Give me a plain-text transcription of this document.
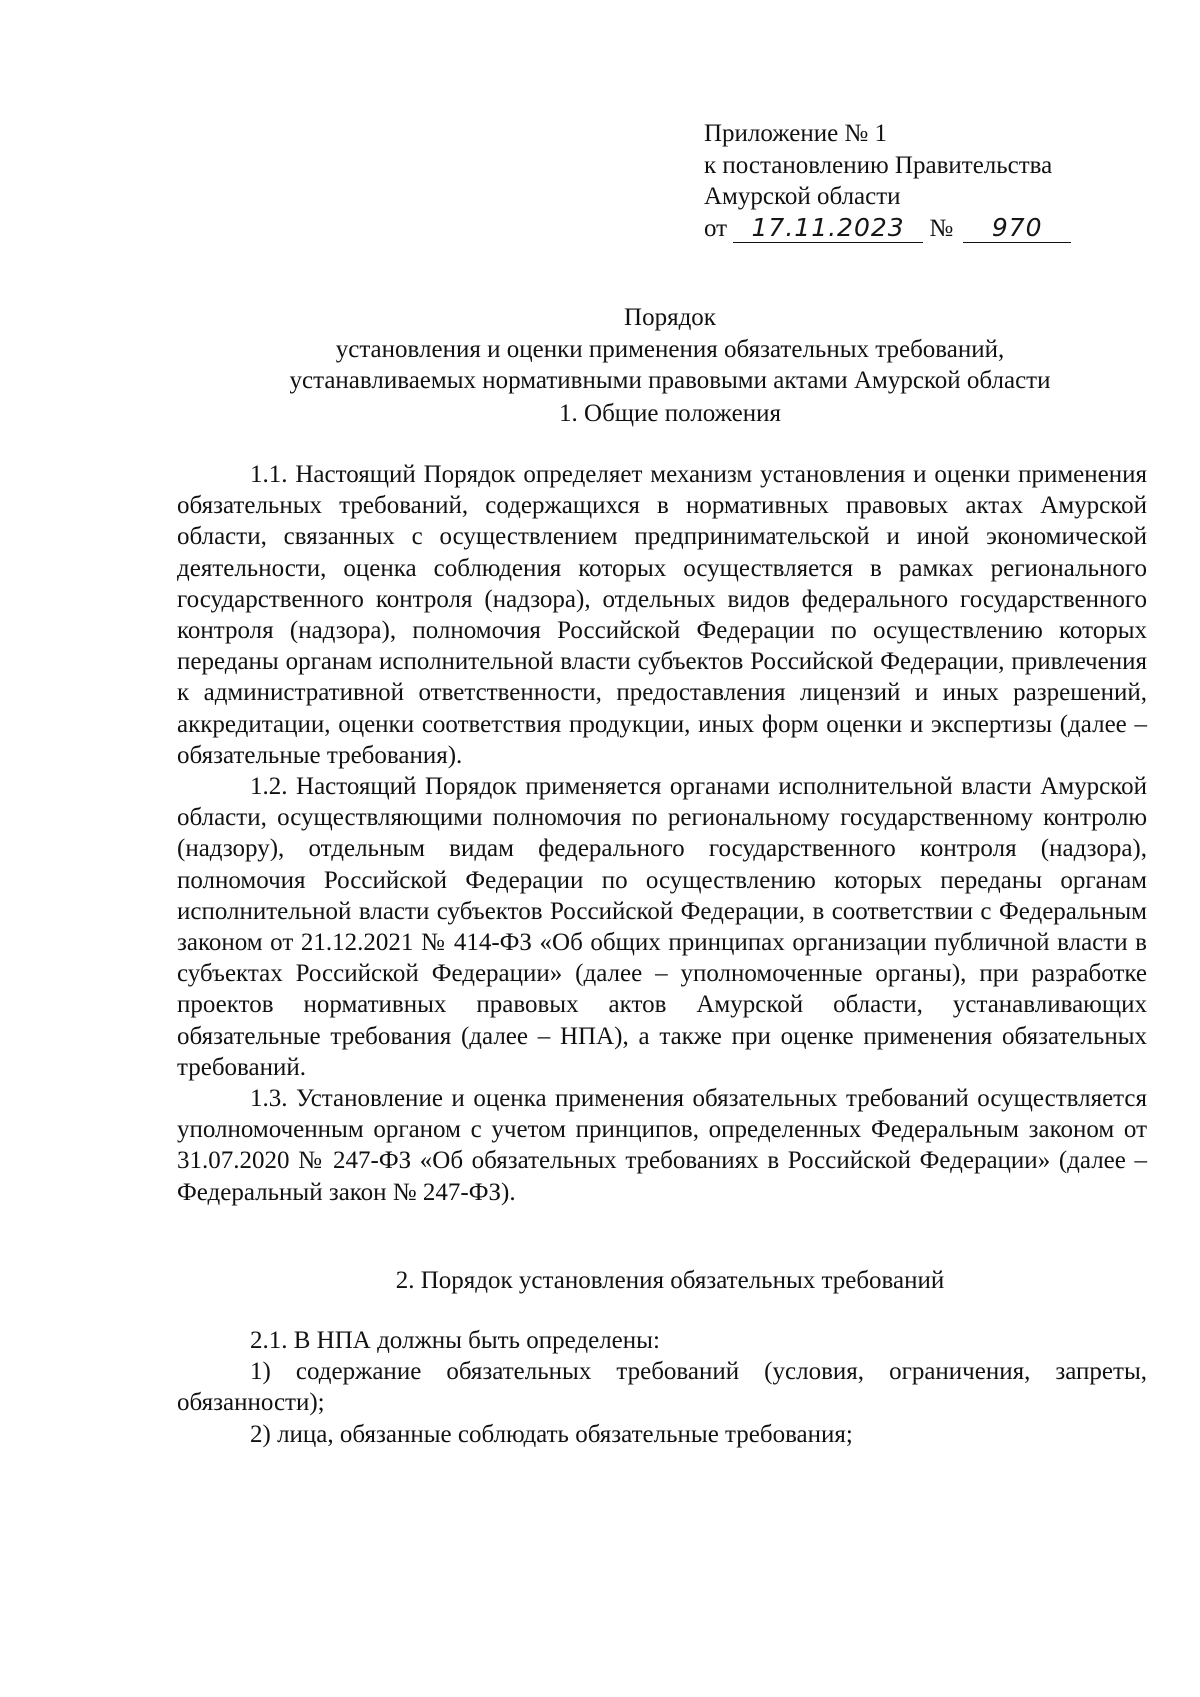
Приложение № 1
к постановлению Правительства
Амурской области
от 17.11.2023 № 970
Порядок
установления и оценки применения обязательных требований,
устанавливаемых нормативными правовыми актами Амурской области
1. Общие положения

1.1. Настоящий Порядок определяет механизм установления и оценки применения обязательных требований, содержащихся в нормативных правовых актах Амурской области, связанных с осуществлением предпринимательской и иной экономической деятельности, оценка соблюдения которых осуществляется в рамках регионального государственного контроля (надзора), отдельных видов федерального государственного контроля (надзора), полномочия Российской Федерации по осуществлению которых переданы органам исполнительной власти субъектов Российской Федерации, привлечения к административной ответственности, предоставления лицензий и иных разрешений, аккредитации, оценки соответствия продукции, иных форм оценки и экспертизы (далее – обязательные требования).

1.2. Настоящий Порядок применяется органами исполнительной власти Амурской области, осуществляющими полномочия по региональному государственному контролю (надзору), отдельным видам федерального государственного контроля (надзора), полномочия Российской Федерации по осуществлению которых переданы органам исполнительной власти субъектов Российской Федерации, в соответствии с Федеральным законом от 21.12.2021 № 414-ФЗ «Об общих принципах организации публичной власти в субъектах Российской Федерации» (далее – уполномоченные органы), при разработке проектов нормативных правовых актов Амурской области, устанавливающих обязательные требования (далее – НПА), а также при оценке применения обязательных требований.

1.3. Установление и оценка применения обязательных требований осуществляется уполномоченным органом с учетом принципов, определенных Федеральным законом от 31.07.2020 № 247-ФЗ «Об обязательных требованиях в Российской Федерации» (далее – Федеральный закон № 247-ФЗ).

2. Порядок установления обязательных требований

2.1. В НПА должны быть определены:

1) содержание обязательных требований (условия, ограничения, запреты, обязанности);

2) лица, обязанные соблюдать обязательные требования;
